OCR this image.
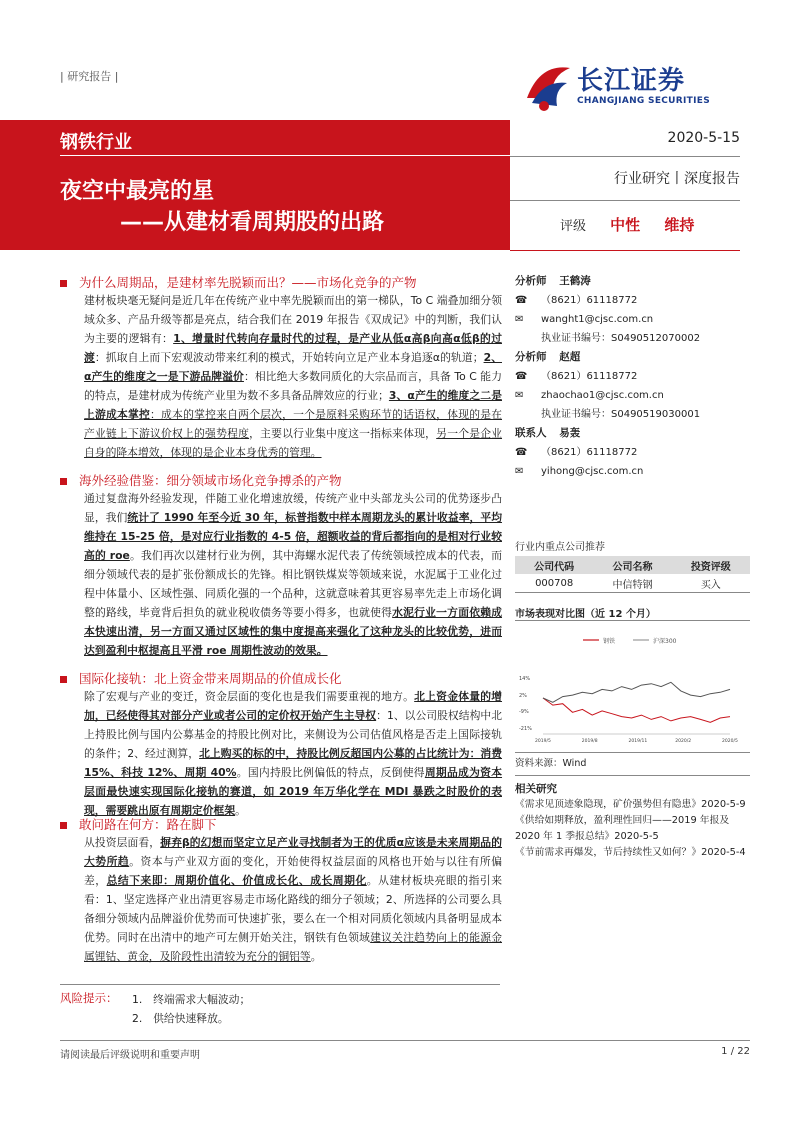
| 研究报告 |	长江证券
CHANGJIANG SECURITIES
钢铁行业
夜空中最亮的星
——从建材看周期股的出路
2020-5-15
行业研究丨深度报告
评级 中性 维持
为什么周期品，是建材率先脱颖而出？——市场化竞争的产物
建材板块毫无疑问是近几年在传统产业中率先脱颖而出的第一梯队，To C 端叠加细分领域众多、产品升级等都是亮点，结合我们在 2019 年报告《双成记》中的判断，我们认为主要的逻辑有：1、增量时代转向存量时代的过程，是产业从低α高β向高α低β的过渡：抓取自上而下宏观波动带来红利的模式，开始转向立足产业本身追逐α的轨道；2、α产生的维度之一是下游品牌溢价：相比绝大多数同质化的大宗品而言，具备 To C 能力的特点，是建材成为传统产业里为数不多具备品牌效应的行业；3、α产生的维度之二是上游成本掌控：成本的掌控来自两个层次，一个是原料采购环节的话语权，体现的是在产业链上下游议价权上的强势程度，主要以行业集中度这一指标来体现，另一个是企业自身的降本增效，体现的是企业本身优秀的管理。
海外经验借鉴：细分领域市场化竞争搏杀的产物
通过复盘海外经验发现，伴随工业化增速放缓，传统产业中头部龙头公司的优势逐步凸显，我们统计了 1990 年至今近 30 年，标普指数中样本周期龙头的累计收益率，平均维持在 15-25 倍，是对应行业指数的 4-5 倍，超额收益的背后都指向的是相对行业较高的 roe。我们再次以建材行业为例，其中海螺水泥代表了传统领域控成本的代表，而细分领域代表的是扩张份额成长的先锋。相比钢铁煤炭等领域来说，水泥属于工业化过程中体量小、区域性强、同质化强的一个品种，这就意味着其更容易率先走上市场化调整的路线，毕竟背后担负的就业税收债务等要小得多，也就使得水泥行业一方面依赖成本快速出清，另一方面又通过区域性的集中度提高来强化了这种龙头的比较优势，进而达到盈利中枢提高且平滑 roe 周期性波动的效果。
国际化接轨：北上资金带来周期品的价值成长化
除了宏观与产业的变迁，资金层面的变化也是我们需要重视的地方。北上资金体量的增加，已经使得其对部分产业或者公司的定价权开始产生主导权：1、以公司股权结构中北上持股比例与国内公募基金的持股比例对比，来侧设为公司估值风格是否走上国际接轨的条件；2、经过测算，北上购买的标的中，持股比例反超国内公募的占比统计为：消费 15%、科技 12%、周期 40%。国内持股比例偏低的特点，反倒使得周期品成为资本层面最快速实现国际化接轨的赛道，如 2019 年万华化学在 MDI 暴跌之时股价的表现，需要跳出原有周期定价框架。
敢问路在何方：路在脚下
从投资层面看，摒弃β的幻想而坚定立足产业寻找制者为王的优质α应该是未来周期品的大势所趋。资本与产业双方面的变化，开始使得权益层面的风格也开始与以往有所偏差，总结下来即：周期价值化、价值成长化、成长周期化。从建材板块亮眼的指引来看：1、坚定选择产业出清更容易走市场化路线的细分子领域；2、所选择的公司要么具备细分领域内品牌溢价优势而可快速扩张，要么在一个相对同质化领域内具备明显成本优势。同时在出清中的地产可左侧开始关注，钢铁有色领域建议关注趋势向上的能源金属锂钴、黄金，及阶段性出清较为充分的铜铝等。
风险提示： 1.　终端需求大幅波动；
2.　供给快速释放。
分析师 王鹤涛
☎ （8621）61118772
✉ wanght1@cjsc.com.cn
执业证书编号：S0490512070002
分析师 赵超
☎ （8621）61118772
✉ zhaochao1@cjsc.com.cn
执业证书编号：S0490519030001
联系人 易轰
☎ （8621）61118772
✉ yihong@cjsc.com.cn
行业内重点公司推荐
公司代码	公司名称	投资评级
000708	中信特钢	买入
市场表现对比图（近 12 个月）
钢铁	沪深300
14%
2%
-9%
-21%
2019/5	2019/8	2019/11	2020/2	2020/5
资料来源：Wind
相关研究
《需求见顶迹象隐现，矿价强势但有隐患》2020-5-9
《供给如期释放，盈利理性回归——2019 年报及 2020 年 1 季报总结》2020-5-5
《节前需求再爆发，节后持续性又如何？》2020-5-4
请阅读最后评级说明和重要声明	1 / 22
